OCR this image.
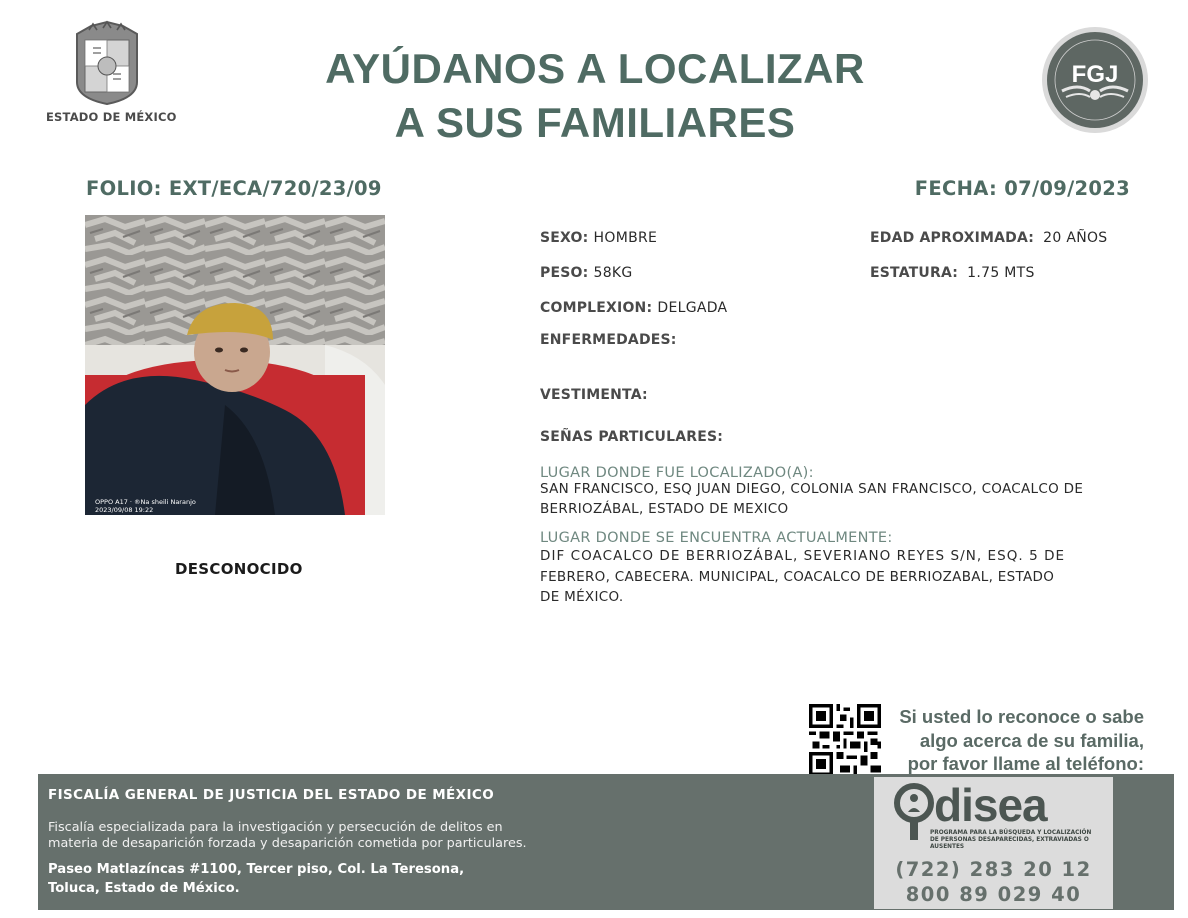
ESTADO DE MÉXICO
AYÚDANOS A LOCALIZAR
A SUS FAMILIARES
FGJ
FOLIO: EXT/ECA/720/23/09	FECHA: 07/09/2023
OPPO A17 · ®Na sheili Naranjo
2023/09/08 19:22
DESCONOCIDO
SEXO: HOMBRE	EDAD APROXIMADA: 20 AÑOS
PESO: 58KG	ESTATURA: 1.75 MTS
COMPLEXION: DELGADA
ENFERMEDADES:
VESTIMENTA:
SEÑAS PARTICULARES:
LUGAR DONDE FUE LOCALIZADO(A):
SAN FRANCISCO, ESQ JUAN DIEGO, COLONIA SAN FRANCISCO, COACALCO DE
BERRIOZÁBAL, ESTADO DE MEXICO
LUGAR DONDE SE ENCUENTRA ACTUALMENTE:
DIF COACALCO DE BERRIOZÁBAL, SEVERIANO REYES S/N, ESQ. 5 DE
FEBRERO, CABECERA. MUNICIPAL, COACALCO DE BERRIOZABAL, ESTADO
DE MÉXICO.
Si usted lo reconoce o sabe
algo acerca de su familia,
por favor llame al teléfono:
FISCALÍA GENERAL DE JUSTICIA DEL ESTADO DE MÉXICO
Fiscalía especializada para la investigación y persecución de delitos en
materia de desaparición forzada y desaparición cometida por particulares.
Paseo Matlazíncas #1100, Tercer piso, Col. La Teresona,
Toluca, Estado de México.
disea
PROGRAMA PARA LA BÚSQUEDA Y LOCALIZACIÓN
DE PERSONAS DESAPARECIDAS, EXTRAVIADAS O
AUSENTES
(722) 283 20 12
800 89 029 40
